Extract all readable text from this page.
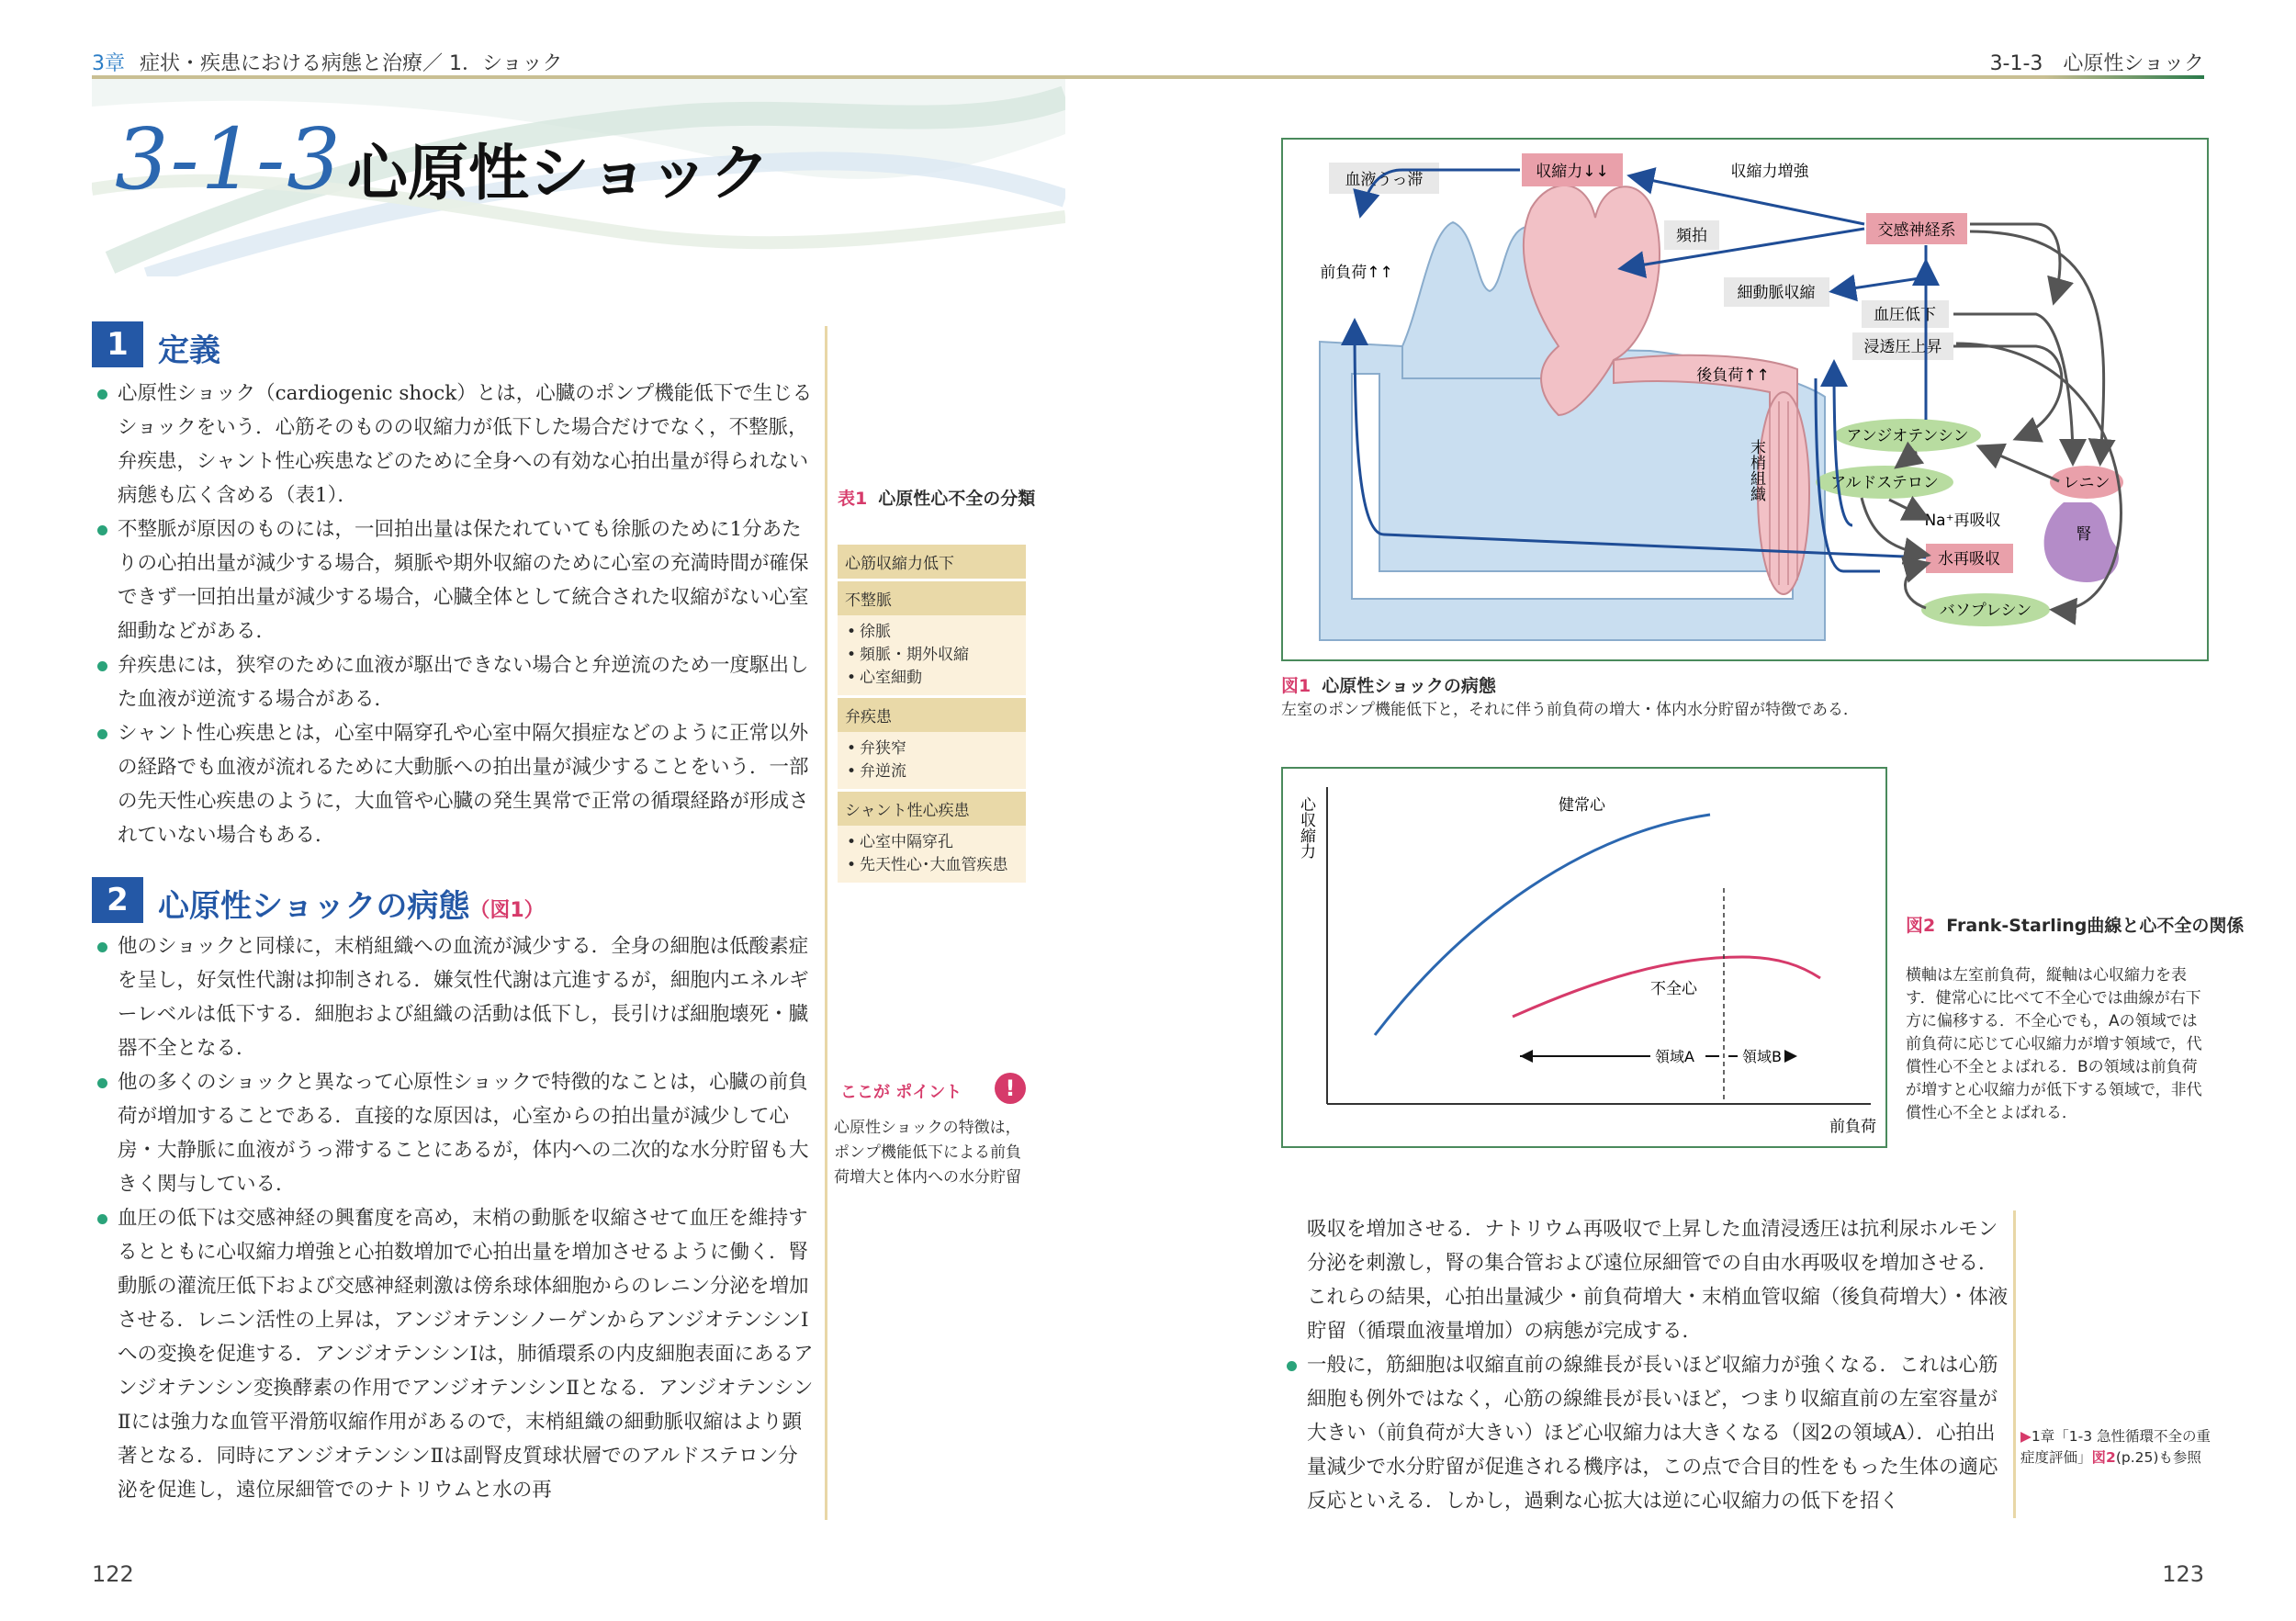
3章 症状・疾患における病態と治療／ 1．ショック	3-1-3　心原性ショック
3-1-3 心原性ショック
1 定義
心原性ショック（cardiogenic shock）とは，心臓のポンプ機能低下で生じるショックをいう．心筋そのものの収縮力が低下した場合だけでなく，不整脈，弁疾患，シャント性心疾患などのために全身への有効な心拍出量が得られない病態も広く含める（表1）．
不整脈が原因のものには，一回拍出量は保たれていても徐脈のために1分あたりの心拍出量が減少する場合，頻脈や期外収縮のために心室の充満時間が確保できず一回拍出量が減少する場合，心臓全体として統合された収縮がない心室細動などがある．
弁疾患には，狭窄のために血液が駆出できない場合と弁逆流のため一度駆出した血液が逆流する場合がある．
シャント性心疾患とは，心室中隔穿孔や心室中隔欠損症などのように正常以外の経路でも血液が流れるために大動脈への拍出量が減少することをいう．一部の先天性心疾患のように，大血管や心臓の発生異常で正常の循環経路が形成されていない場合もある．
2 心原性ショックの病態（図1）
他のショックと同様に，末梢組織への血流が減少する．全身の細胞は低酸素症を呈し，好気性代謝は抑制される．嫌気性代謝は亢進するが，細胞内エネルギーレベルは低下する．細胞および組織の活動は低下し，長引けば細胞壊死・臓器不全となる．
他の多くのショックと異なって心原性ショックで特徴的なことは，心臓の前負荷が増加することである．直接的な原因は，心室からの拍出量が減少して心房・大静脈に血液がうっ滞することにあるが，体内への二次的な水分貯留も大きく関与している．
血圧の低下は交感神経の興奮度を高め，末梢の動脈を収縮させて血圧を維持するとともに心収縮力増強と心拍数増加で心拍出量を増加させるように働く．腎動脈の灌流圧低下および交感神経刺激は傍糸球体細胞からのレニン分泌を増加させる．レニン活性の上昇は，アンジオテンシノーゲンからアンジオテンシンⅠへの変換を促進する．アンジオテンシンⅠは，肺循環系の内皮細胞表面にあるアンジオテンシン変換酵素の作用でアンジオテンシンⅡとなる．アンジオテンシンⅡには強力な血管平滑筋収縮作用があるので，末梢組織の細動脈収縮はより顕著となる．同時にアンジオテンシンⅡは副腎皮質球状層でのアルドステロン分泌を促進し，遠位尿細管でのナトリウムと水の再
表1 心原性心不全の分類
心筋収縮力低下
不整脈
• 徐脈
• 頻脈・期外収縮
• 心室細動
弁疾患
• 弁狭窄
• 弁逆流
シャント性心疾患
• 心室中隔穿孔
• 先天性心･大血管疾患
ここが ポイント	!
心原性ショックの特徴は，ポンプ機能低下による前負荷増大と体内への水分貯留
血液うっ滞	収縮力↓↓	収縮力増強
頻拍	交感神経系
前負荷↑↑
細動脈収縮
血圧低下
浸透圧上昇
後負荷↑↑
末梢組織
アンジオテンシン
アルドステロン	レニン
腎
Na⁺再吸収
水再吸収
バソプレシン
図1 心原性ショックの病態
左室のポンプ機能低下と，それに伴う前負荷の増大・体内水分貯留が特徴である．
心収縮力
前負荷
健常心
不全心
領域A	領域B
図2 Frank-Starling曲線と心不全の関係
横軸は左室前負荷，縦軸は心収縮力を表す．健常心に比べて不全心では曲線が右下方に偏移する．不全心でも，Aの領域では前負荷に応じて心収縮力が増す領域で，代償性心不全とよばれる．Bの領域は前負荷が増すと心収縮力が低下する領域で，非代償性心不全とよばれる．
吸収を増加させる．ナトリウム再吸収で上昇した血清浸透圧は抗利尿ホルモン分泌を刺激し，腎の集合管および遠位尿細管での自由水再吸収を増加させる．これらの結果，心拍出量減少・前負荷増大・末梢血管収縮（後負荷増大）・体液貯留（循環血液量増加）の病態が完成する．
一般に，筋細胞は収縮直前の線維長が長いほど収縮力が強くなる．これは心筋細胞も例外ではなく，心筋の線維長が長いほど，つまり収縮直前の左室容量が大きい（前負荷が大きい）ほど心収縮力は大きくなる（図2の領域A）．心拍出量減少で水分貯留が促進される機序は，この点で合目的性をもった生体の適応反応といえる．しかし，過剰な心拡大は逆に心収縮力の低下を招く
▶1章「1-3 急性循環不全の重症度評価」図2(p.25)も参照
122	123
